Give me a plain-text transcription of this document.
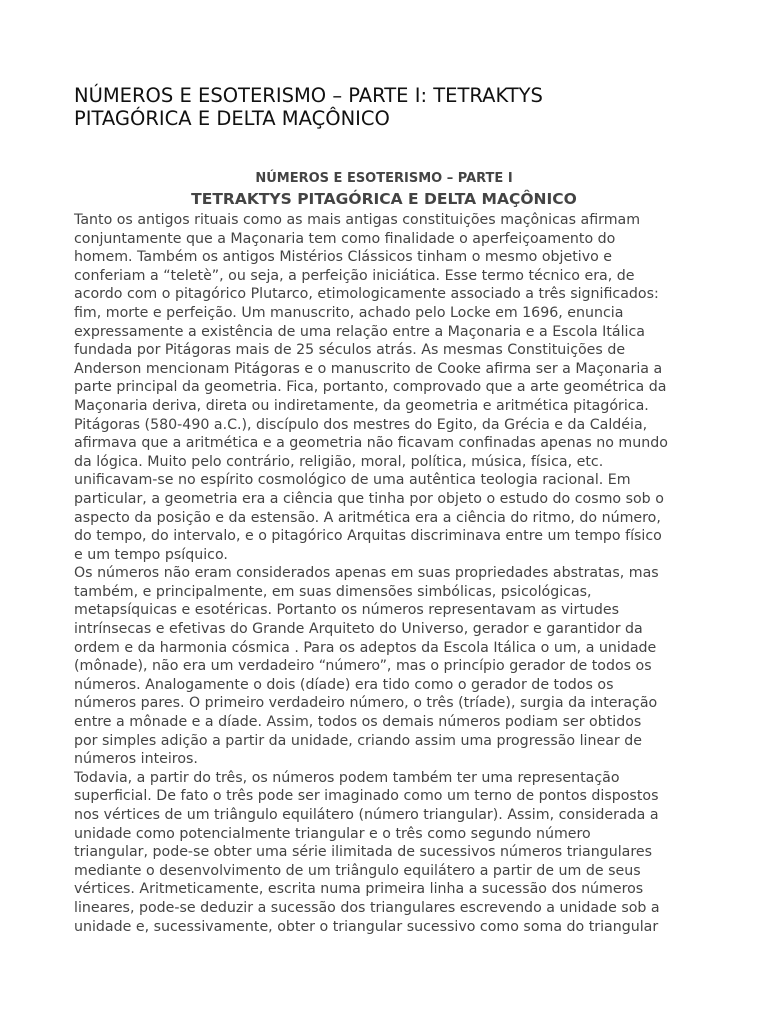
NÚMEROS E ESOTERISMO – PARTE I: TETRAKTYS
PITAGÓRICA E DELTA MAÇÔNICO
NÚMEROS E ESOTERISMO – PARTE I
TETRAKTYS PITAGÓRICA E DELTA MAÇÔNICO

Tanto os antigos rituais como as mais antigas constituições maçônicas afirmam
conjuntamente que a Maçonaria tem como finalidade o aperfeiçoamento do
homem. Também os antigos Mistérios Clássicos tinham o mesmo objetivo e
conferiam a “teletè”, ou seja, a perfeição iniciática. Esse termo técnico era, de
acordo com o pitagórico Plutarco, etimologicamente associado a três significados:
fim, morte e perfeição. Um manuscrito, achado pelo Locke em 1696, enuncia
expressamente a existência de uma relação entre a Maçonaria e a Escola Itálica
fundada por Pitágoras mais de 25 séculos atrás. As mesmas Constituições de
Anderson mencionam Pitágoras e o manuscrito de Cooke afirma ser a Maçonaria a
parte principal da geometria. Fica, portanto, comprovado que a arte geométrica da
Maçonaria deriva, direta ou indiretamente, da geometria e aritmética pitagórica.
Pitágoras (580-490 a.C.), discípulo dos mestres do Egito, da Grécia e da Caldéia,
afirmava que a aritmética e a geometria não ficavam confinadas apenas no mundo
da lógica. Muito pelo contrário, religião, moral, política, música, física, etc.
unificavam-se no espírito cosmológico de uma autêntica teologia racional. Em
particular, a geometria era a ciência que tinha por objeto o estudo do cosmo sob o
aspecto da posição e da estensão. A aritmética era a ciência do ritmo, do número,
do tempo, do intervalo, e o pitagórico Arquitas discriminava entre um tempo físico
e um tempo psíquico.

Os números não eram considerados apenas em suas propriedades abstratas, mas
também, e principalmente, em suas dimensões simbólicas, psicológicas,
metapsíquicas e esotéricas. Portanto os números representavam as virtudes
intrínsecas e efetivas do Grande Arquiteto do Universo, gerador e garantidor da
ordem e da harmonia cósmica . Para os adeptos da Escola Itálica o um, a unidade
(mônade), não era um verdadeiro “número”, mas o princípio gerador de todos os
números. Analogamente o dois (díade) era tido como o gerador de todos os
números pares. O primeiro verdadeiro número, o três (tríade), surgia da interação
entre a mônade e a díade. Assim, todos os demais números podiam ser obtidos
por simples adição a partir da unidade, criando assim uma progressão linear de
números inteiros.

Todavia, a partir do três, os números podem também ter uma representação
superficial. De fato o três pode ser imaginado como um terno de pontos dispostos
nos vértices de um triângulo equilátero (número triangular). Assim, considerada a
unidade como potencialmente triangular e o três como segundo número
triangular, pode-se obter uma série ilimitada de sucessivos números triangulares
mediante o desenvolvimento de um triângulo equilátero a partir de um de seus
vértices. Aritmeticamente, escrita numa primeira linha a sucessão dos números
lineares, pode-se deduzir a sucessão dos triangulares escrevendo a unidade sob a
unidade e, sucessivamente, obter o triangular sucessivo como soma do triangular
